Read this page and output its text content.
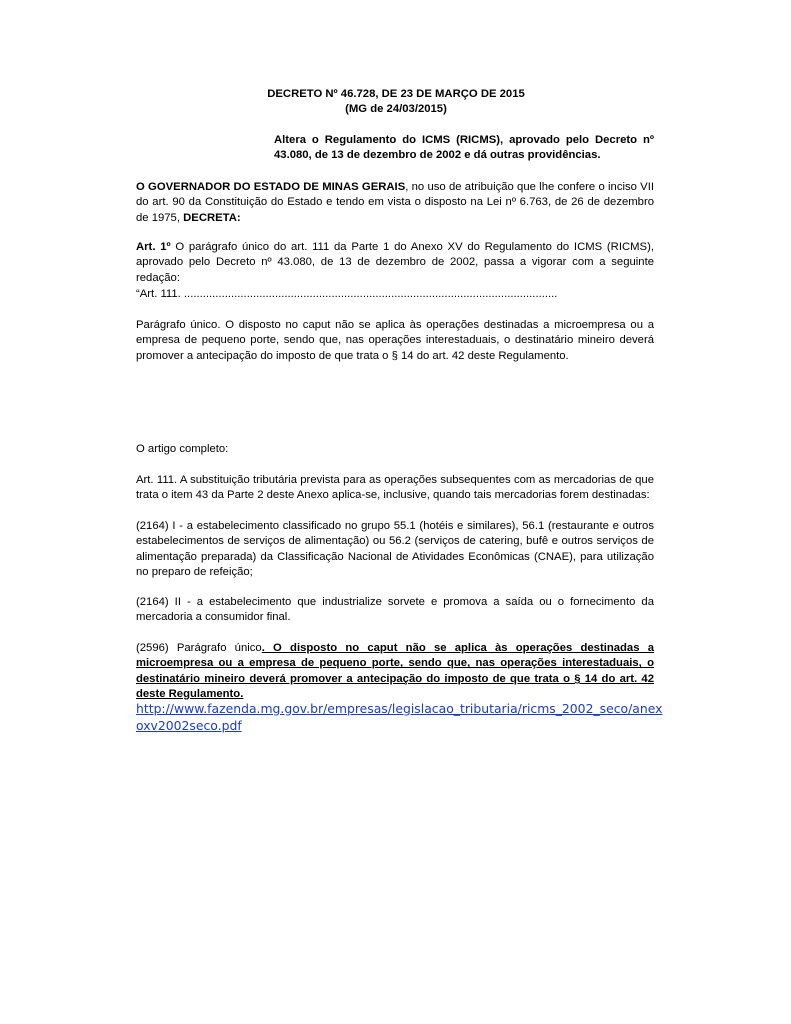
DECRETO Nº 46.728, DE 23 DE MARÇO DE 2015
(MG de 24/03/2015)
Altera o Regulamento do ICMS (RICMS), aprovado pelo Decreto nº 43.080, de 13 de dezembro de 2002 e dá outras providências.
O GOVERNADOR DO ESTADO DE MINAS GERAIS, no uso de atribuição que lhe confere o inciso VII do art. 90 da Constituição do Estado e tendo em vista o disposto na Lei nº 6.763, de 26 de dezembro de 1975, DECRETA:
Art. 1º O parágrafo único do art. 111 da Parte 1 do Anexo XV do Regulamento do ICMS (RICMS), aprovado pelo Decreto nº 43.080, de 13 de dezembro de 2002, passa a vigorar com a seguinte redação:
“Art. 111. .......................................................................................................................
Parágrafo único. O disposto no caput não se aplica às operações destinadas a microempresa ou a empresa de pequeno porte, sendo que, nas operações interestaduais, o destinatário mineiro deverá promover a antecipação do imposto de que trata o § 14 do art. 42 deste Regulamento.
O artigo completo:
Art. 111. A substituição tributária prevista para as operações subsequentes com as mercadorias de que trata o item 43 da Parte 2 deste Anexo aplica-se, inclusive, quando tais mercadorias forem destinadas:
(2164) I - a estabelecimento classificado no grupo 55.1 (hotéis e similares), 56.1 (restaurante e outros estabelecimentos de serviços de alimentação) ou 56.2 (serviços de catering, bufê e outros serviços de alimentação preparada) da Classificação Nacional de Atividades Econômicas (CNAE), para utilização no preparo de refeição;
(2164) II - a estabelecimento que industrialize sorvete e promova a saída ou o fornecimento da mercadoria a consumidor final.
(2596) Parágrafo único. O disposto no caput não se aplica às operações destinadas a microempresa ou a empresa de pequeno porte, sendo que, nas operações interestaduais, o destinatário mineiro deverá promover a antecipação do imposto de que trata o § 14 do art. 42 deste Regulamento.
http://www.fazenda.mg.gov.br/empresas/legislacao_tributaria/ricms_2002_seco/anexoxv2002seco.pdf
